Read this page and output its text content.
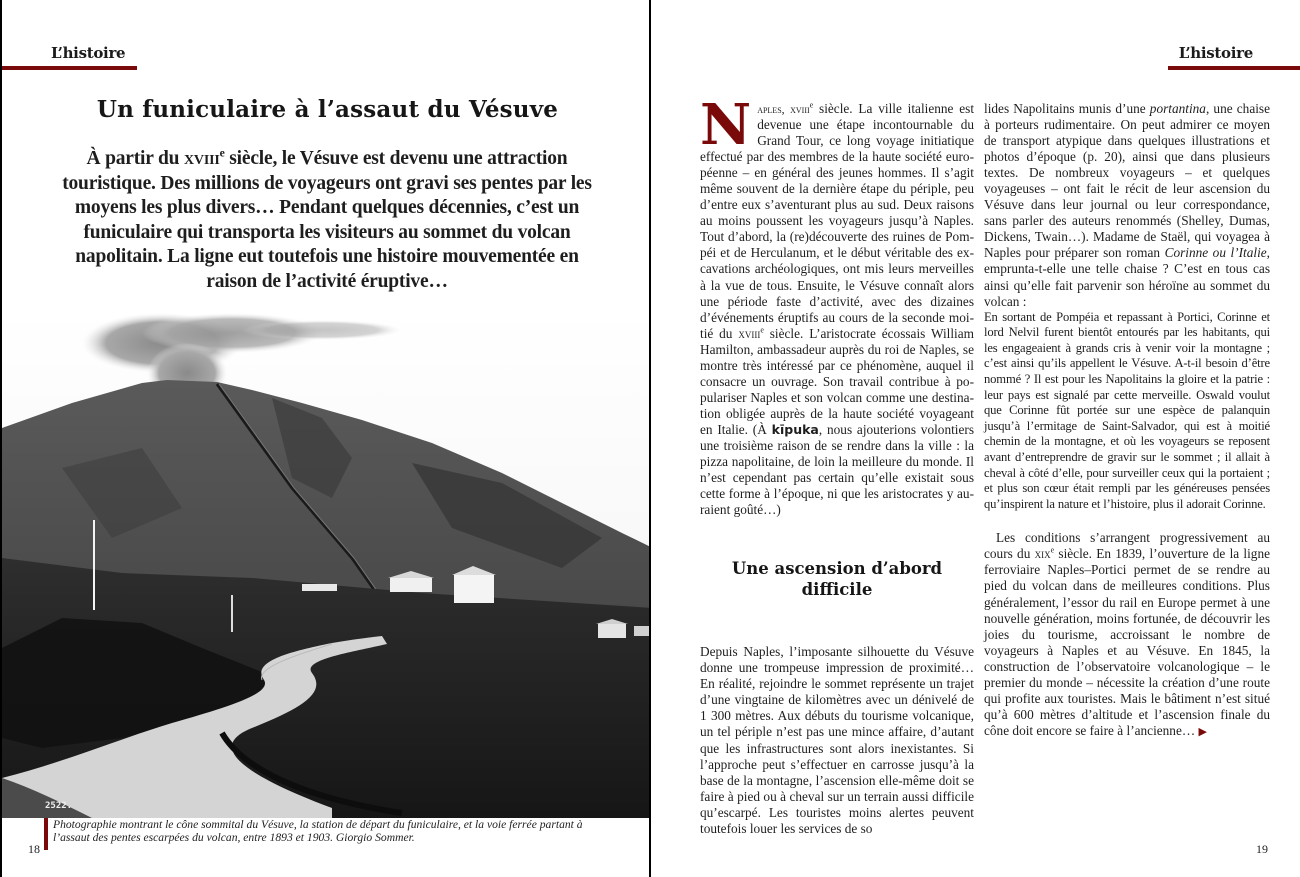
L’histoire
Un funiculaire à l’assaut du Vésuve
À partir du xviii$^e$ siècle, le Vésuve est devenu une attraction touristique. Des millions de voyageurs ont gravi ses pentes par les moyens les plus divers… Pendant quelques décennies, c’est un funiculaire qui transporta les visiteurs au sommet du volcan napolitain. La ligne eut toutefois une histoire mouvementée en raison de l’activité éruptive…
2522.
Photographie montrant le cône sommital du Vésuve, la station de départ du funiculaire, et la voie ferrée partant à l’assaut des pentes escarpées du volcan, entre 1893 et 1903. Giorgio Sommer.
18
L’histoire

Naples, xviii$^e$ siècle. La ville italienne est devenue une étape incontournable du Grand Tour, ce long voyage initiatique effectué par des membres de la haute société européenne – en général des jeunes hommes. Il s’agit même souvent de la dernière étape du périple, peu d’entre eux s’aventurant plus au sud. Deux raisons au moins poussent les voyageurs jusqu’à Naples. Tout d’abord, la (re)découverte des ruines de Pompéi et de Herculanum, et le début véritable des excavations archéologiques, ont mis leurs merveilles à la vue de tous. Ensuite, le Vésuve connaît alors une période faste d’activité, avec des dizaines d’événements éruptifs au cours de la seconde moitié du xviii$^e$ siècle. L’aristocrate écossais William Hamilton, ambassadeur auprès du roi de Naples, se montre très intéressé par ce phénomène, auquel il consacre un ouvrage. Son travail contribue à populariser Naples et son volcan comme une destination obligée auprès de la haute société voyageant en Italie. (À kīpuka, nous ajouterions volontiers une troisième raison de se rendre dans la ville : la pizza napolitaine, de loin la meilleure du monde. Il n’est cependant pas certain qu’elle existait sous cette forme à l’époque, ni que les aristocrates y auraient goûté…)

Une ascension d’abord difficile

Depuis Naples, l’imposante silhouette du Vésuve donne une trompeuse impression de proximité… En réalité, rejoindre le sommet représente un trajet d’une vingtaine de kilomètres avec un dénivelé de 1 300 mètres. Aux débuts du tourisme volcanique, un tel périple n’est pas une mince affaire, d’autant que les infrastructures sont alors inexistantes. Si l’approche peut s’effectuer en carrosse jusqu’à la base de la montagne, l’ascension elle-même doit se faire à pied ou à cheval sur un terrain aussi difficile qu’escarpé. Les touristes moins alertes peuvent toutefois louer les services de so

lides Napolitains munis d’une portantina, une chaise à porteurs rudimentaire. On peut admirer ce moyen de transport atypique dans quelques illustrations et photos d’époque (p. 20), ainsi que dans plusieurs textes. De nombreux voyageurs – et quelques voyageuses – ont fait le récit de leur ascension du Vésuve dans leur journal ou leur correspondance, sans parler des auteurs renommés (Shelley, Dumas, Dickens, Twain…). Madame de Staël, qui voyagea à Naples pour préparer son roman Corinne ou l’Italie, emprunta-t-elle une telle chaise ? C’est en tous cas ainsi qu’elle fait parvenir son héroïne au sommet du volcan :

En sortant de Pompéia et repassant à Portici, Corinne et lord Nelvil furent bientôt entourés par les habitants, qui les engageaient à grands cris à venir voir la montagne ; c’est ainsi qu’ils appellent le Vésuve. A-t-il besoin d’être nommé ? Il est pour les Napolitains la gloire et la patrie : leur pays est signalé par cette merveille. Oswald voulut que Corinne fût portée sur une espèce de palanquin jusqu’à l’ermitage de Saint-Salvador, qui est à moitié chemin de la montagne, et où les voyageurs se reposent avant d’entreprendre de gravir sur le sommet ; il allait à cheval à côté d’elle, pour surveiller ceux qui la portaient ; et plus son cœur était rempli par les généreuses pensées qu’inspirent la nature et l’histoire, plus il adorait Corinne.

Les conditions s’arrangent progressivement au cours du xix$^e$ siècle. En 1839, l’ouverture de la ligne ferroviaire Naples–Portici permet de se rendre au pied du volcan dans de meilleures conditions. Plus généralement, l’essor du rail en Europe permet à une nouvelle génération, moins fortunée, de découvrir les joies du tourisme, accroissant le nombre de voyageurs à Naples et au Vésuve. En 1845, la construction de l’observatoire volcanologique – le premier du monde – nécessite la création d’une route qui profite aux touristes. Mais le bâtiment n’est situé qu’à 600 mètres d’altitude et l’ascension finale du cône doit encore se faire à l’ancienne… ▶

19
